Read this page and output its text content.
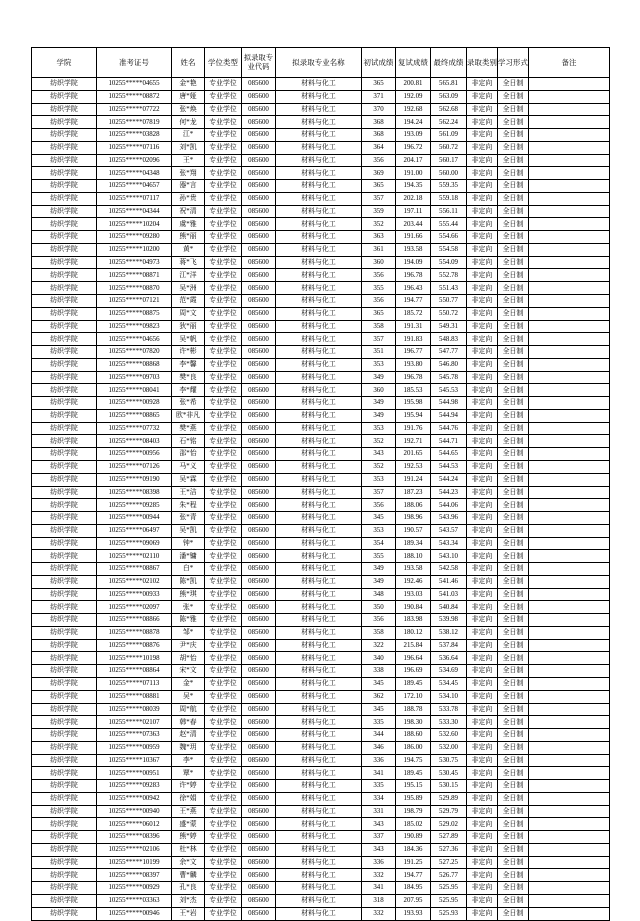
学院	准考证号	姓名	学位类型	拟录取专业代码	拟录取专业名称	初试成绩	复试成绩	最终成绩	录取类别	学习形式	备注
纺织学院	10255*****04655	金*艳	专业学位	085600	材料与化工	365	200.81	565.81	非定向	全日制	
纺织学院	10255*****08872	唐*娅	专业学位	085600	材料与化工	371	192.09	563.09	非定向	全日制	
纺织学院	10255*****07722	张*焕	专业学位	085600	材料与化工	370	192.68	562.68	非定向	全日制	
纺织学院	10255*****07819	何*龙	专业学位	085600	材料与化工	368	194.24	562.24	非定向	全日制	
纺织学院	10255*****03828	江*	专业学位	085600	材料与化工	368	193.09	561.09	非定向	全日制	
纺织学院	10255*****07116	刘*凯	专业学位	085600	材料与化工	364	196.72	560.72	非定向	全日制	
纺织学院	10255*****02096	王*	专业学位	085600	材料与化工	356	204.17	560.17	非定向	全日制	
纺织学院	10255*****04348	张*翔	专业学位	085600	材料与化工	369	191.00	560.00	非定向	全日制	
纺织学院	10255*****04657	器*言	专业学位	085600	材料与化工	365	194.35	559.35	非定向	全日制	
纺织学院	10255*****07117	孙*贵	专业学位	085600	材料与化工	357	202.18	559.18	非定向	全日制	
纺织学院	10255*****04344	祝*清	专业学位	085600	材料与化工	359	197.11	556.11	非定向	全日制	
纺织学院	10255*****10204	虞*雅	专业学位	085600	材料与化工	352	203.44	555.44	非定向	全日制	
纺织学院	10255*****09280	熊*丽	专业学位	085600	材料与化工	363	191.66	554.66	非定向	全日制	
纺织学院	10255*****10200	黄*	专业学位	085600	材料与化工	361	193.58	554.58	非定向	全日制	
纺织学院	10255*****04973	蒋*飞	专业学位	085600	材料与化工	360	194.09	554.09	非定向	全日制	
纺织学院	10255*****08871	江*洋	专业学位	085600	材料与化工	356	196.78	552.78	非定向	全日制	
纺织学院	10255*****08870	吴*洲	专业学位	085600	材料与化工	355	196.43	551.43	非定向	全日制	
纺织学院	10255*****07121	范*霞	专业学位	085600	材料与化工	356	194.77	550.77	非定向	全日制	
纺织学院	10255*****08875	周*文	专业学位	085600	材料与化工	365	185.72	550.72	非定向	全日制	
纺织学院	10255*****09823	狄*丽	专业学位	085600	材料与化工	358	191.31	549.31	非定向	全日制	
纺织学院	10255*****04656	吴*帆	专业学位	085600	材料与化工	357	191.83	548.83	非定向	全日制	
纺织学院	10255*****07820	许*彬	专业学位	085600	材料与化工	351	196.77	547.77	非定向	全日制	
纺织学院	10255*****08868	李*馨	专业学位	085600	材料与化工	353	193.80	546.80	非定向	全日制	
纺织学院	10255*****09703	樊*良	专业学位	085600	材料与化工	349	196.78	545.78	非定向	全日制	
纺织学院	10255*****08041	李*耀	专业学位	085600	材料与化工	360	185.53	545.53	非定向	全日制	
纺织学院	10255*****00928	张*希	专业学位	085600	材料与化工	349	195.98	544.98	非定向	全日制	
纺织学院	10255*****08865	欧*非凡	专业学位	085600	材料与化工	349	195.94	544.94	非定向	全日制	
纺织学院	10255*****07732	樊*燕	专业学位	085600	材料与化工	353	191.76	544.76	非定向	全日制	
纺织学院	10255*****08403	石*铭	专业学位	085600	材料与化工	352	192.71	544.71	非定向	全日制	
纺织学院	10255*****00956	邵*怡	专业学位	085600	材料与化工	343	201.65	544.65	非定向	全日制	
纺织学院	10255*****07126	马*义	专业学位	085600	材料与化工	352	192.53	544.53	非定向	全日制	
纺织学院	10255*****09190	吴*霖	专业学位	085600	材料与化工	353	191.24	544.24	非定向	全日制	
纺织学院	10255*****08398	王*洁	专业学位	085600	材料与化工	357	187.23	544.23	非定向	全日制	
纺织学院	10255*****09285	朱*程	专业学位	085600	材料与化工	356	188.06	544.06	非定向	全日制	
纺织学院	10255*****00944	张*青	专业学位	085600	材料与化工	345	198.96	543.96	非定向	全日制	
纺织学院	10255*****06497	吴*凯	专业学位	085600	材料与化工	353	190.57	543.57	非定向	全日制	
纺织学院	10255*****09069	钟*	专业学位	085600	材料与化工	354	189.34	543.34	非定向	全日制	
纺织学院	10255*****02110	潘*镛	专业学位	085600	材料与化工	355	188.10	543.10	非定向	全日制	
纺织学院	10255*****08867	白*	专业学位	085600	材料与化工	349	193.58	542.58	非定向	全日制	
纺织学院	10255*****02102	陈*凯	专业学位	085600	材料与化工	349	192.46	541.46	非定向	全日制	
纺织学院	10255*****00933	熊*琪	专业学位	085600	材料与化工	348	193.03	541.03	非定向	全日制	
纺织学院	10255*****02097	张*	专业学位	085600	材料与化工	350	190.84	540.84	非定向	全日制	
纺织学院	10255*****08866	陈*雅	专业学位	085600	材料与化工	356	183.98	539.98	非定向	全日制	
纺织学院	10255*****08878	邹*	专业学位	085600	材料与化工	358	180.12	538.12	非定向	全日制	
纺织学院	10255*****08876	尹*庆	专业学位	085600	材料与化工	322	215.84	537.84	非定向	全日制	
纺织学院	10255*****10198	胡*怡	专业学位	085600	材料与化工	340	196.64	536.64	非定向	全日制	
纺织学院	10255*****08864	宋*文	专业学位	085600	材料与化工	338	196.69	534.69	非定向	全日制	
纺织学院	10255*****07113	金*	专业学位	085600	材料与化工	345	189.45	534.45	非定向	全日制	
纺织学院	10255*****08881	吴*	专业学位	085600	材料与化工	362	172.10	534.10	非定向	全日制	
纺织学院	10255*****08039	周*航	专业学位	085600	材料与化工	345	188.78	533.78	非定向	全日制	
纺织学院	10255*****02107	韩*春	专业学位	085600	材料与化工	335	198.30	533.30	非定向	全日制	
纺织学院	10255*****07363	赵*清	专业学位	085600	材料与化工	344	188.60	532.60	非定向	全日制	
纺织学院	10255*****00959	魏*玥	专业学位	085600	材料与化工	346	186.00	532.00	非定向	全日制	
纺织学院	10255*****10367	李*	专业学位	085600	材料与化工	336	194.75	530.75	非定向	全日制	
纺织学院	10255*****00951	覃*	专业学位	085600	材料与化工	341	189.45	530.45	非定向	全日制	
纺织学院	10255*****09283	许*婷	专业学位	085600	材料与化工	335	195.15	530.15	非定向	全日制	
纺织学院	10255*****00942	徐*娟	专业学位	085600	材料与化工	334	195.89	529.89	非定向	全日制	
纺织学院	10255*****00940	王*燕	专业学位	085600	材料与化工	331	198.79	529.79	非定向	全日制	
纺织学院	10255*****06012	盛*蒙	专业学位	085600	材料与化工	343	185.02	529.02	非定向	全日制	
纺织学院	10255*****08396	熊*婷	专业学位	085600	材料与化工	337	190.89	527.89	非定向	全日制	
纺织学院	10255*****02106	杜*林	专业学位	085600	材料与化工	343	184.36	527.36	非定向	全日制	
纺织学院	10255*****10199	余*文	专业学位	085600	材料与化工	336	191.25	527.25	非定向	全日制	
纺织学院	10255*****08397	曹*麟	专业学位	085600	材料与化工	332	194.77	526.77	非定向	全日制	
纺织学院	10255*****00929	孔*良	专业学位	085600	材料与化工	341	184.95	525.95	非定向	全日制	
纺织学院	10255*****03363	刘*杰	专业学位	085600	材料与化工	318	207.95	525.95	非定向	全日制	
纺织学院	10255*****00946	王*岩	专业学位	085600	材料与化工	332	193.93	525.93	非定向	全日制	
